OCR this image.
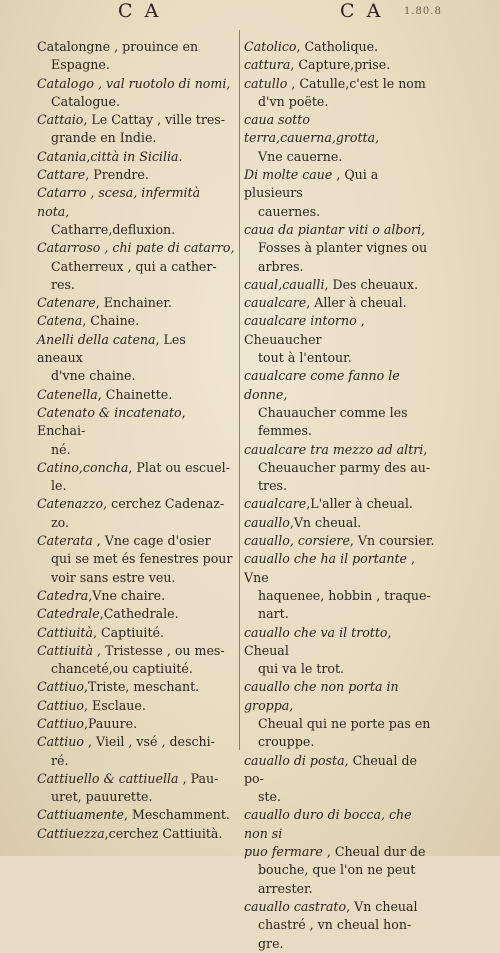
C A	C A 1.80.8
Catalongne , prouince en
Espagne.
Catalogo , val ruotolo di nomi,
Catalogue.
Cattaio, Le Cattay , ville tres-
grande en Indie.
Catania,città in Sicilia.
Cattare, Prendre.
Catarro , scesa, infermità nota,
Catharre,defluxion.
Catarroso , chi pate di catarro,
Catherreux , qui a cather-
res.
Catenare, Enchainer.
Catena, Chaine.
Anelli della catena, Les aneaux
d'vne chaine.
Catenella, Chainette.
Catenato & incatenato, Enchai-
né.
Catino,concha, Plat ou escuel-
le.
Catenazzo, cerchez Cadenaz-
zo.
Caterata , Vne cage d'osier
qui se met és fenestres pour
voir sans estre veu.
Catedra,Vne chaire.
Catedrale,Cathedrale.
Cattiuità, Captiuité.
Cattiuità , Tristesse , ou mes-
chanceté,ou captiuité.
Cattiuo,Triste, meschant.
Cattiuo, Esclaue.
Cattiuo,Pauure.
Cattiuo , Vieil , vsé , deschi-
ré.
Cattiuello & cattiuella , Pau-
uret, pauurette.
Cattiuamente, Meschamment.
Cattiuezza,cerchez Cattiuità.
Catolico, Catholique.
cattura, Capture,prise.
catullo , Catulle,c'est le nom
d'vn poëte.
caua sotto terra,cauerna,grotta,
Vne cauerne.
Di molte caue , Qui a plusieurs
cauernes.
caua da piantar viti o albori,
Fosses à planter vignes ou
arbres.
caual,caualli, Des cheuaux.
caualcare, Aller à cheual.
caualcare intorno , Cheuaucher
tout à l'entour.
caualcare come fanno le donne,
Chauaucher comme les
femmes.
caualcare tra mezzo ad altri,
Cheuaucher parmy des au-
tres.
caualcare,L'aller à cheual.
cauallo,Vn cheual.
cauallo, corsiere, Vn coursier.
cauallo che ha il portante , Vne
haquenee, hobbin , traque-
nart.
cauallo che va il trotto, Cheual
qui va le trot.
cauallo che non porta in groppa,
Cheual qui ne porte pas en
crouppe.
cauallo di posta, Cheual de po-
ste.
cauallo duro di bocca, che non si
puo fermare , Cheual dur de
bouche, que l'on ne peut
arrester.
cauallo castrato, Vn cheual
chastré , vn cheual hon-
gre.
